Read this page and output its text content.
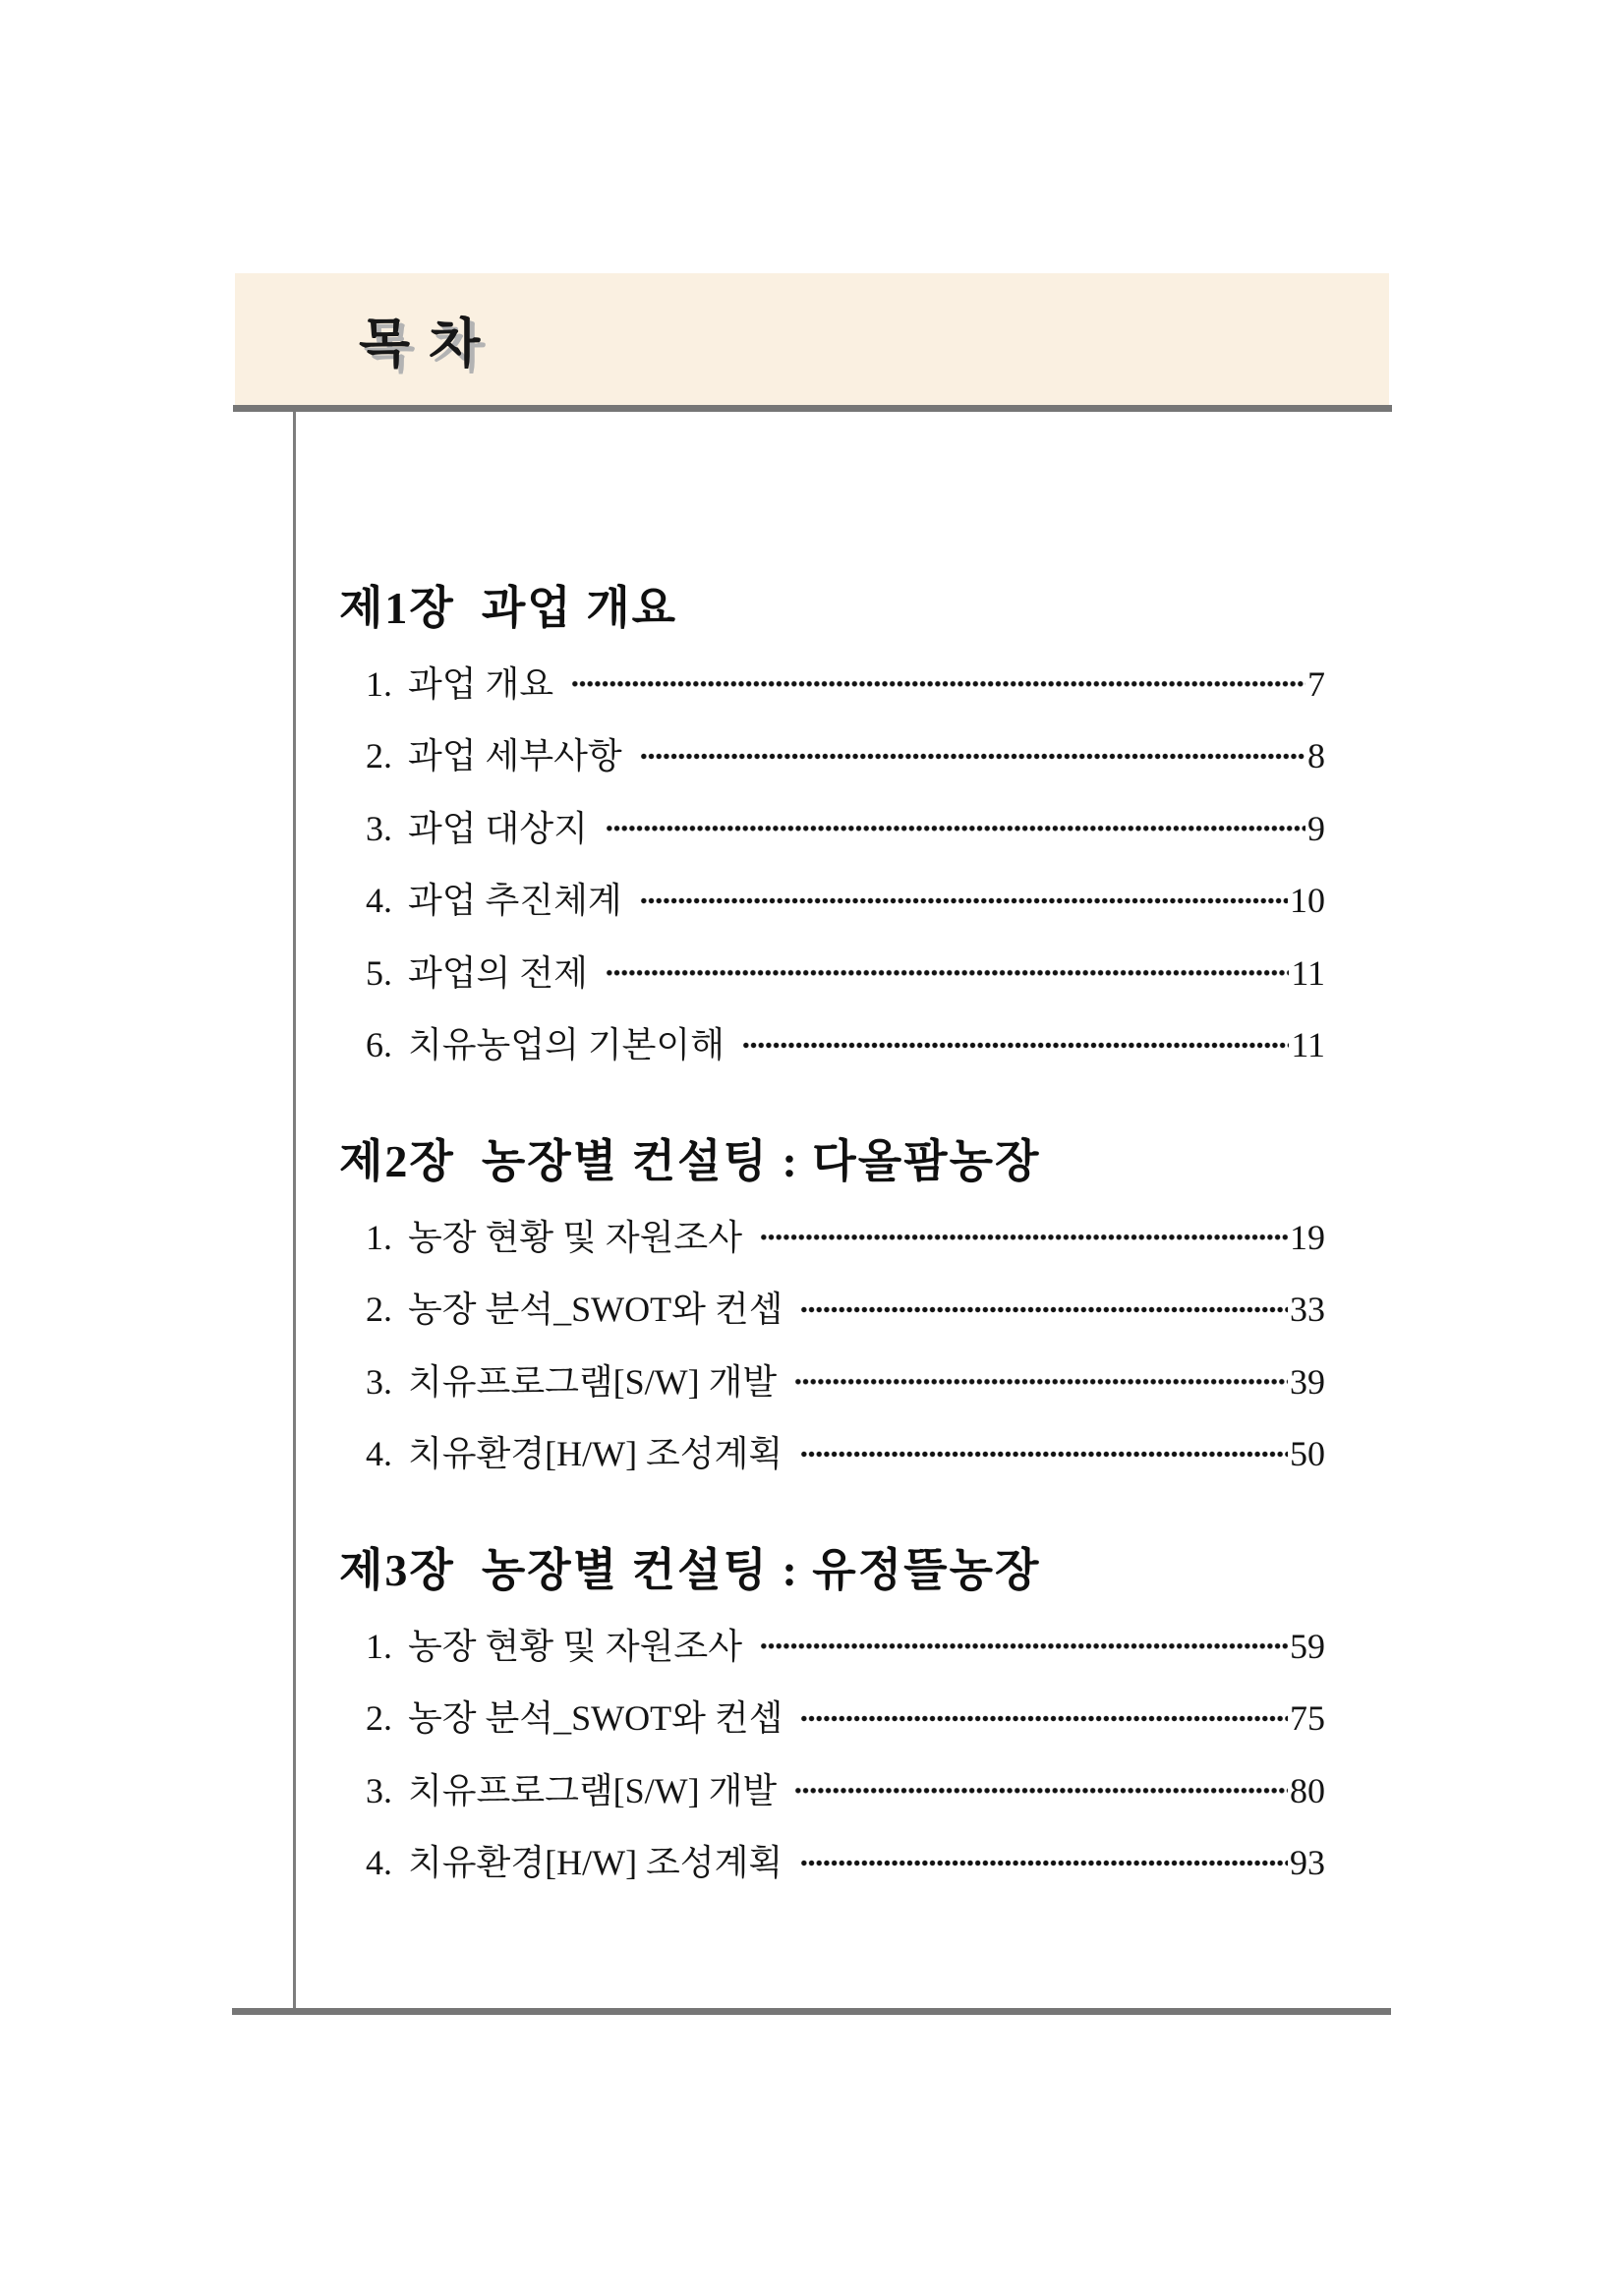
목 차
제1장  과업 개요
1. 과업 개요	7
2. 과업 세부사항	8
3. 과업 대상지	9
4. 과업 추진체계	10
5. 과업의 전제	11
6. 치유농업의 기본이해	11
제2장  농장별 컨설팅 : 다올팜농장
1. 농장 현황 및 자원조사	19
2. 농장 분석_SWOT와 컨셉	33
3. 치유프로그램[S/W] 개발	39
4. 치유환경[H/W] 조성계획	50
제3장  농장별 컨설팅 : 유정뜰농장
1. 농장 현황 및 자원조사	59
2. 농장 분석_SWOT와 컨셉	75
3. 치유프로그램[S/W] 개발	80
4. 치유환경[H/W] 조성계획	93
